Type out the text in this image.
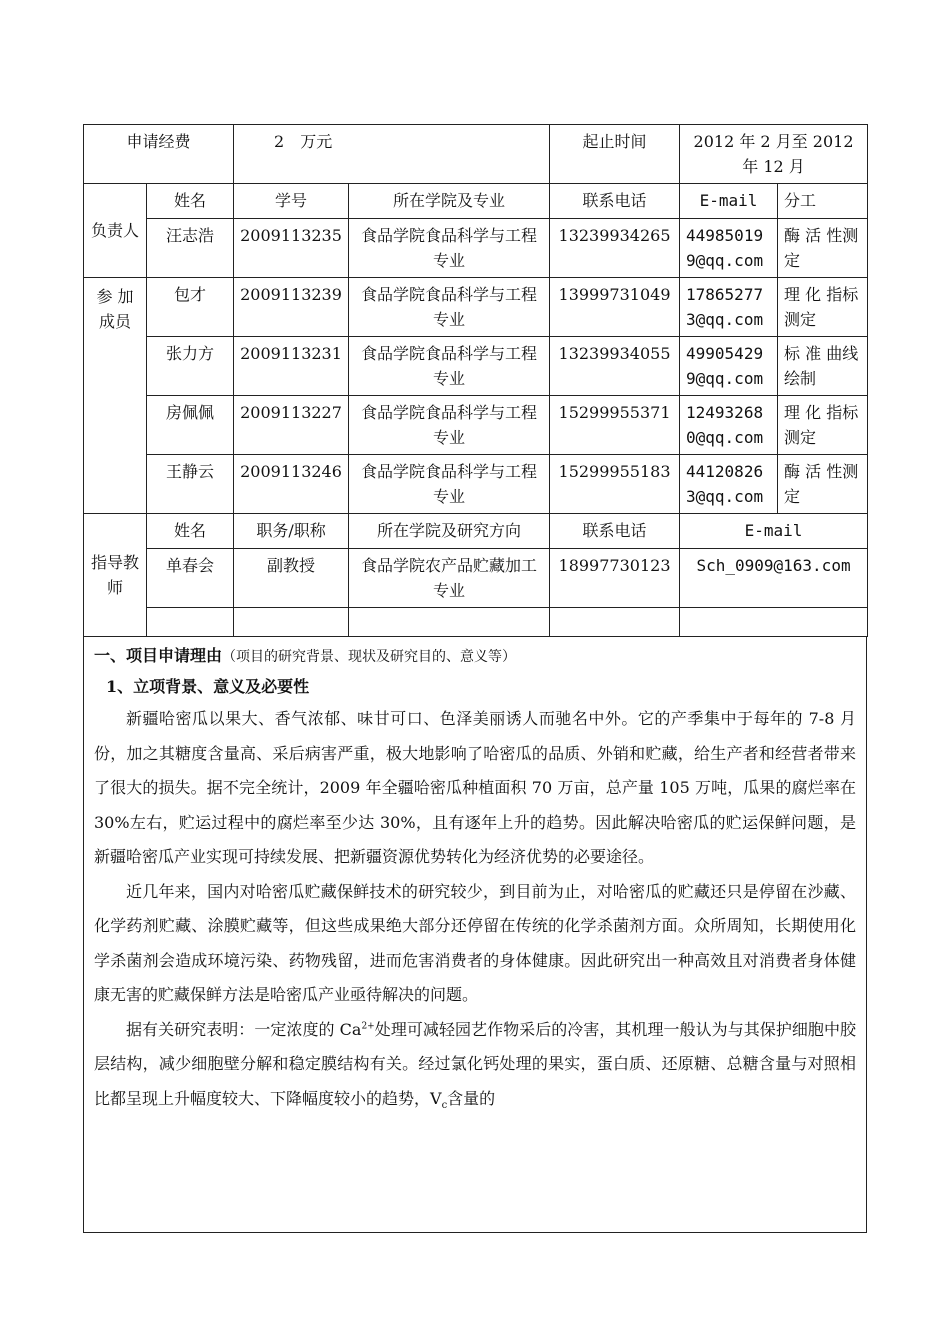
申请经费		2　万元		起止时间	2012 年 2 月至 2012 年 12 月	
负责人	姓名	学号	所在学院及专业	联系电话	E-mail	分工
	汪志浩	2009113235	食品学院食品科学与工程专业	13239934265	449850199@qq.com	酶 活 性测定
参 加 成员	包才	2009113239	食品学院食品科学与工程专业	13999731049	178652773@qq.com	理 化 指标测定
	张力方	2009113231	食品学院食品科学与工程专业	13239934055	499054299@qq.com	标 准 曲线绘制
	房佩佩	2009113227	食品学院食品科学与工程专业	15299955371	124932680@qq.com	理 化 指标测定
	王静云	2009113246	食品学院食品科学与工程专业	15299955183	441208263@qq.com	酶 活 性测定
指导教师	姓名	职务/职称	所在学院及研究方向	联系电话	E-mail	
	单春会	副教授	食品学院农产品贮藏加工专业	18997730123	Sch_0909@163.com	

一、项目申请理由（项目的研究背景、现状及研究目的、意义等）
1、立项背景、意义及必要性

新疆哈密瓜以果大、香气浓郁、味甘可口、色泽美丽诱人而驰名中外。它的产季集中于每年的 7-8 月份，加之其糖度含量高、采后病害严重，极大地影响了哈密瓜的品质、外销和贮藏，给生产者和经营者带来了很大的损失。据不完全统计，2009 年全疆哈密瓜种植面积 70 万亩，总产量 105 万吨，瓜果的腐烂率在 30%左右，贮运过程中的腐烂率至少达 30%，且有逐年上升的趋势。因此解决哈密瓜的贮运保鲜问题，是新疆哈密瓜产业实现可持续发展、把新疆资源优势转化为经济优势的必要途径。

近几年来，国内对哈密瓜贮藏保鲜技术的研究较少，到目前为止，对哈密瓜的贮藏还只是停留在沙藏、化学药剂贮藏、涂膜贮藏等，但这些成果绝大部分还停留在传统的化学杀菌剂方面。众所周知，长期使用化学杀菌剂会造成环境污染、药物残留，进而危害消费者的身体健康。因此研究出一种高效且对消费者身体健康无害的贮藏保鲜方法是哈密瓜产业亟待解决的问题。

据有关研究表明：一定浓度的 $Ca^{2+}$处理可减轻园艺作物采后的冷害，其机理一般认为与其保护细胞中胶层结构，减少细胞壁分解和稳定膜结构有关。经过氯化钙处理的果实，蛋白质、还原糖、总糖含量与对照相比都呈现上升幅度较大、下降幅度较小的趋势，$V_c$含量的
